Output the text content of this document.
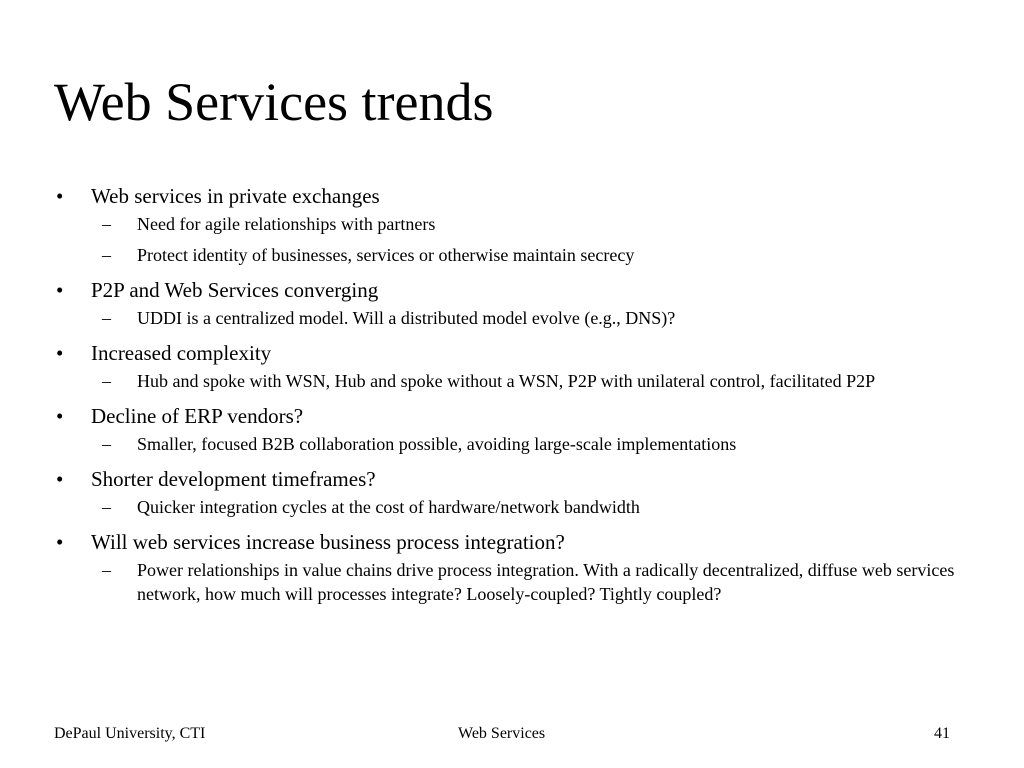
Web Services trends
• Web services in private exchanges
– Need for agile relationships with partners
– Protect identity of businesses, services or otherwise maintain secrecy
• P2P and Web Services converging
– UDDI is a centralized model. Will a distributed model evolve (e.g., DNS)?
• Increased complexity
– Hub and spoke with WSN, Hub and spoke without a WSN, P2P with unilateral control, facilitated P2P
• Decline of ERP vendors?
– Smaller, focused B2B collaboration possible, avoiding large-scale implementations
• Shorter development timeframes?
– Quicker integration cycles at the cost of hardware/network bandwidth
• Will web services increase business process integration?
– Power relationships in value chains drive process integration. With a radically decentralized, diffuse web services network, how much will processes integrate? Loosely-coupled? Tightly coupled?
DePaul University, CTI	Web Services	41
